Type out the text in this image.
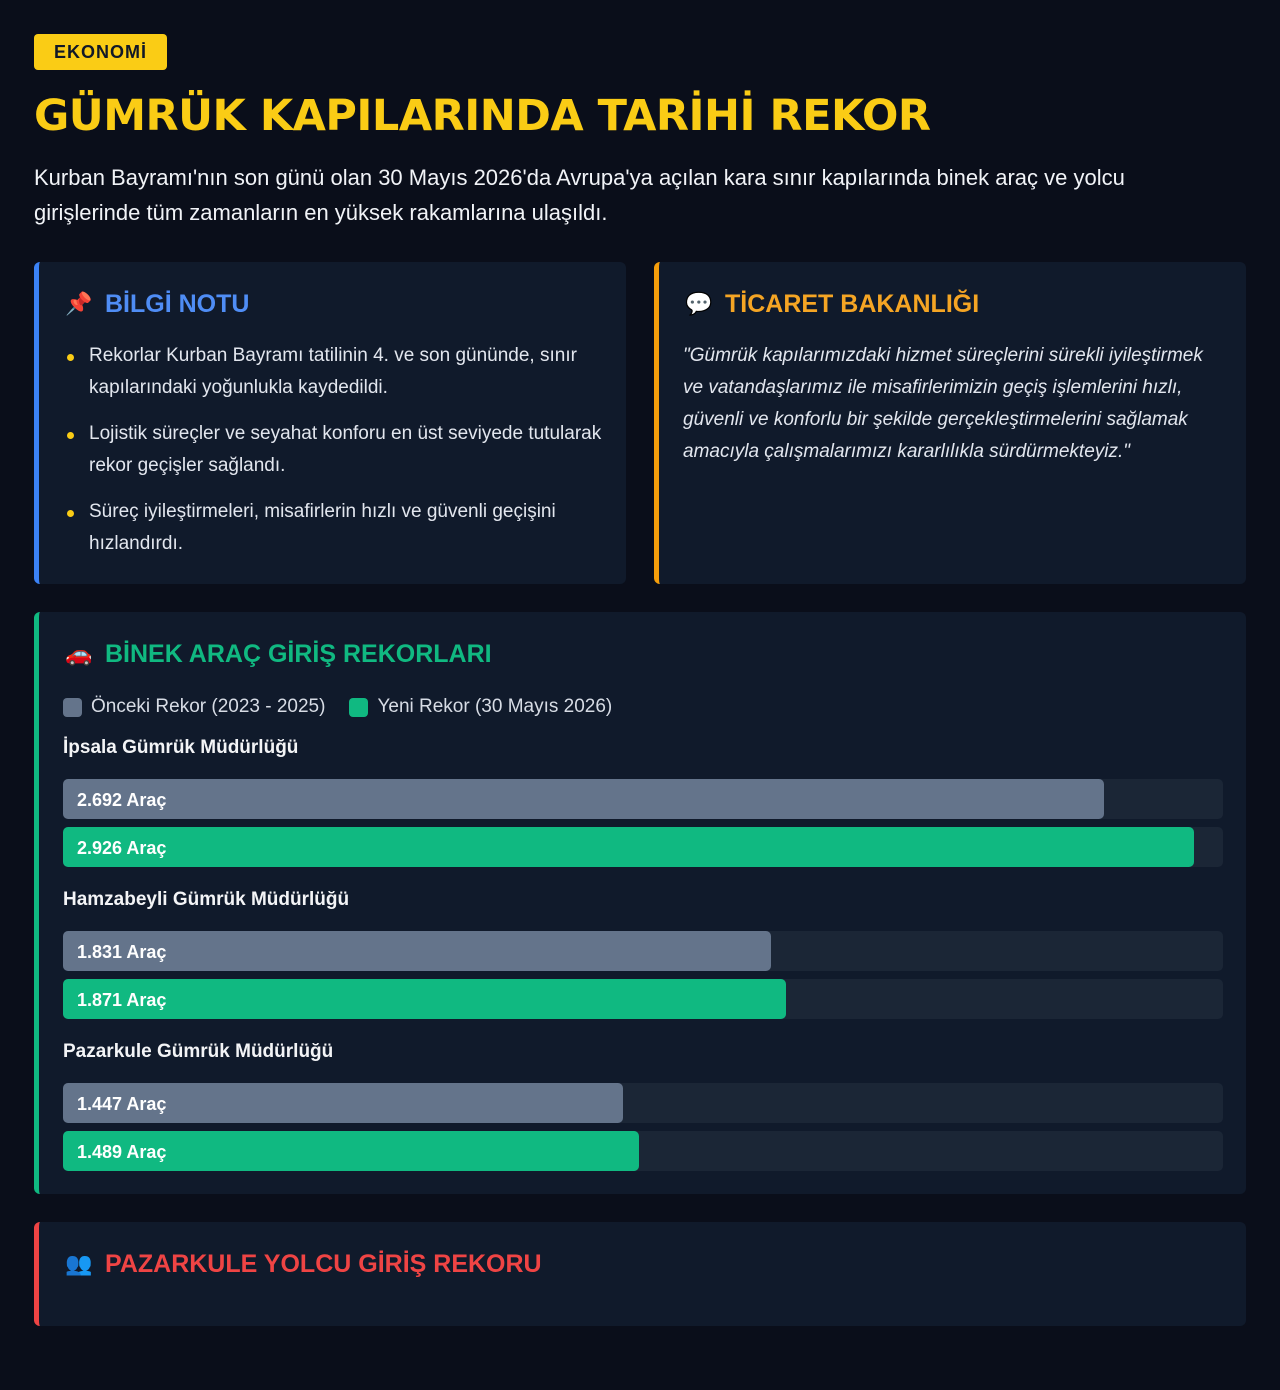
EKONOMİ
GÜMRÜK KAPILARINDA TARİHİ REKOR

Kurban Bayramı'nın son günü olan 30 Mayıs 2026'da Avrupa'ya açılan kara sınır kapılarında binek araç ve yolcu girişlerinde tüm zamanların en yüksek rakamlarına ulaşıldı.

📌 BİLGİ NOTU
Rekorlar Kurban Bayramı tatilinin 4. ve son gününde, sınır kapılarındaki yoğunlukla kaydedildi.
Lojistik süreçler ve seyahat konforu en üst seviyede tutularak rekor geçişler sağlandı.
Süreç iyileştirmeleri, misafirlerin hızlı ve güvenli geçişini hızlandırdı.
💬 TİCARET BAKANLIĞI

"Gümrük kapılarımızdaki hizmet süreçlerini sürekli iyileştirmek ve vatandaşlarımız ile misafirlerimizin geçiş işlemlerini hızlı, güvenli ve konforlu bir şekilde gerçekleştirmelerini sağlamak amacıyla çalışmalarımızı kararlılıkla sürdürmekteyiz."

İpsala Gümrük Müdürlüğü
2.692 Araç
2.926 Araç
Hamzabeyli Gümrük Müdürlüğü
1.831 Araç
1.871 Araç
Pazarkule Gümrük Müdürlüğü
1.447 Araç
1.489 Araç
🚗 BİNEK ARAÇ GİRİŞ REKORLARI
Önceki Rekor (2023 - 2025)	Yeni Rekor (30 Mayıs 2026)
👥 PAZARKULE YOLCU GİRİŞ REKORU
